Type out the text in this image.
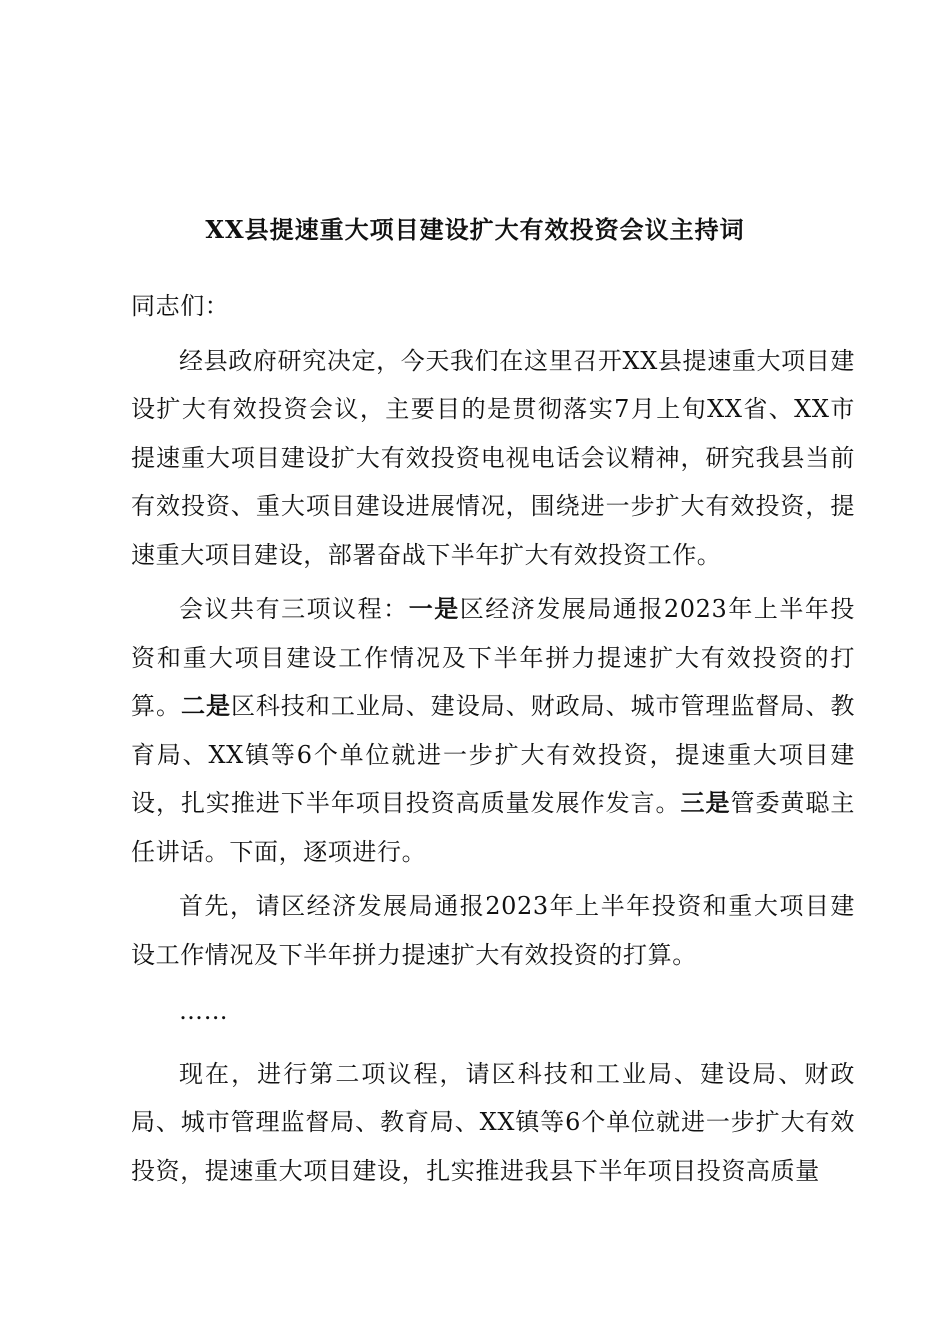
XX县提速重大项目建设扩大有效投资会议主持词

同志们：

经县政府研究决定，今天我们在这里召开XX县提速重大项目建设扩大有效投资会议，主要目的是贯彻落实7月上旬XX省、XX市提速重大项目建设扩大有效投资电视电话会议精神，研究我县当前有效投资、重大项目建设进展情况，围绕进一步扩大有效投资，提速重大项目建设，部署奋战下半年扩大有效投资工作。

会议共有三项议程：一是区经济发展局通报2023年上半年投资和重大项目建设工作情况及下半年拼力提速扩大有效投资的打算。二是区科技和工业局、建设局、财政局、城市管理监督局、教育局、XX镇等6个单位就进一步扩大有效投资，提速重大项目建设，扎实推进下半年项目投资高质量发展作发言。三是管委黄聪主任讲话。下面，逐项进行。

首先，请区经济发展局通报2023年上半年投资和重大项目建设工作情况及下半年拼力提速扩大有效投资的打算。

……

现在，进行第二项议程，请区科技和工业局、建设局、财政局、城市管理监督局、教育局、XX镇等6个单位就进一步扩大有效投资，提速重大项目建设，扎实推进我县下半年项目投资高质量
